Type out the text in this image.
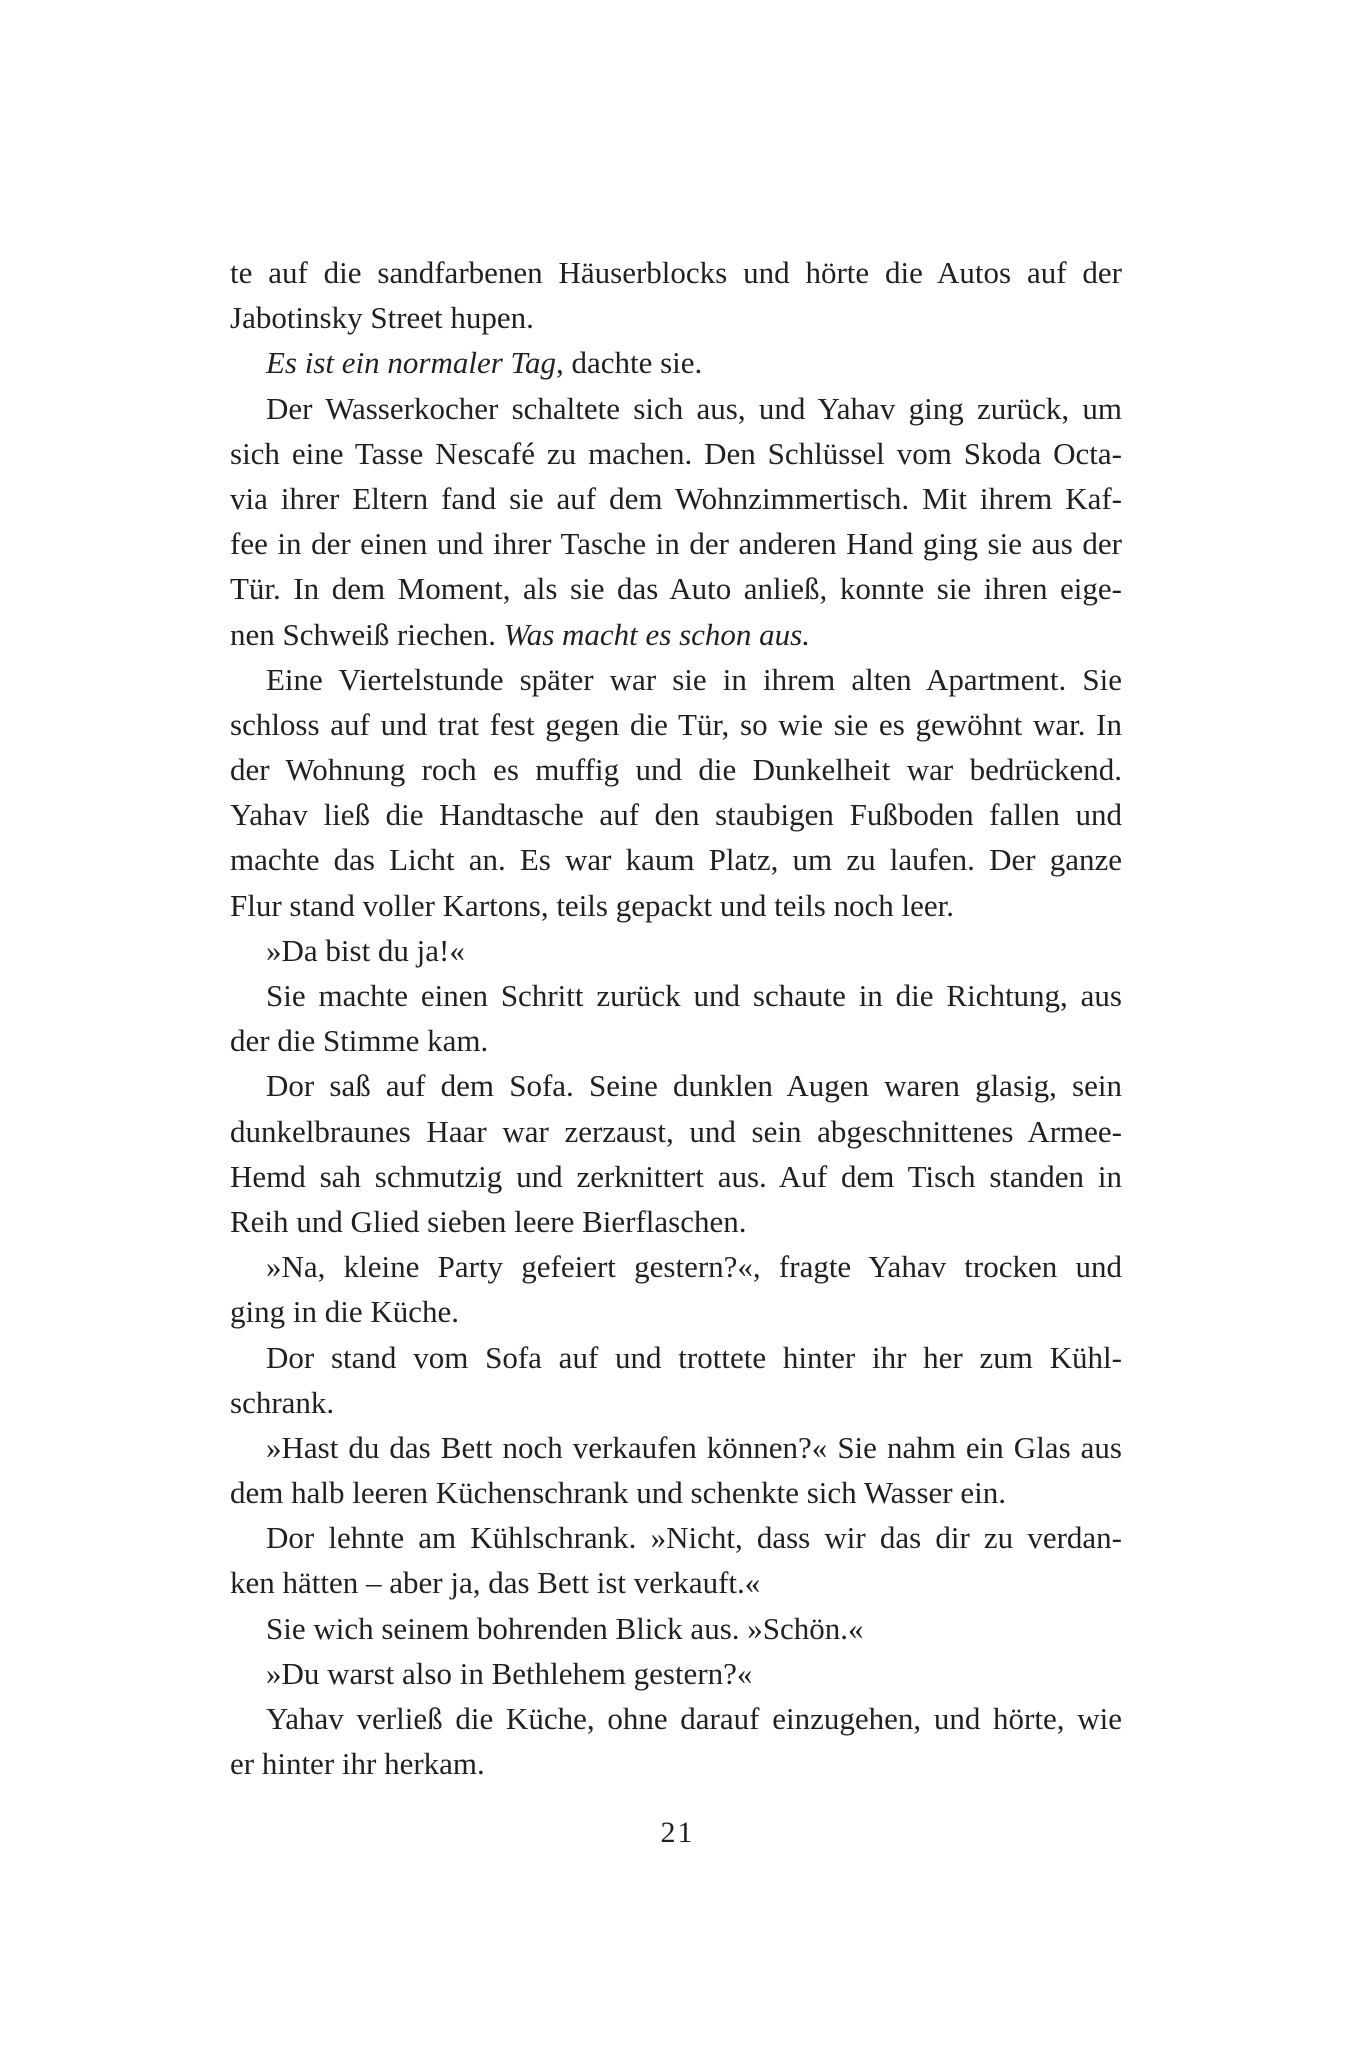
te auf die sandfarbenen Häuserblocks und hörte die Autos auf der
Jabotinsky Street hupen.
Es ist ein normaler Tag, dachte sie.
Der Wasserkocher schaltete sich aus, und Yahav ging zurück, um
sich eine Tasse Nescafé zu machen. Den Schlüssel vom Skoda Octa-
via ihrer Eltern fand sie auf dem Wohnzimmertisch. Mit ihrem Kaf-
fee in der einen und ihrer Tasche in der anderen Hand ging sie aus der
Tür. In dem Moment, als sie das Auto anließ, konnte sie ihren eige-
nen Schweiß riechen. Was macht es schon aus.
Eine Viertelstunde später war sie in ihrem alten Apartment. Sie
schloss auf und trat fest gegen die Tür, so wie sie es gewöhnt war. In
der Wohnung roch es muffig und die Dunkelheit war bedrückend.
Yahav ließ die Handtasche auf den staubigen Fußboden fallen und
machte das Licht an. Es war kaum Platz, um zu laufen. Der ganze
Flur stand voller Kartons, teils gepackt und teils noch leer.
»Da bist du ja!«
Sie machte einen Schritt zurück und schaute in die Richtung, aus
der die Stimme kam.
Dor saß auf dem Sofa. Seine dunklen Augen waren glasig, sein
dunkelbraunes Haar war zerzaust, und sein abgeschnittenes Armee-
Hemd sah schmutzig und zerknittert aus. Auf dem Tisch standen in
Reih und Glied sieben leere Bierflaschen.
»Na, kleine Party gefeiert gestern?«, fragte Yahav trocken und
ging in die Küche.
Dor stand vom Sofa auf und trottete hinter ihr her zum Kühl-
schrank.
»Hast du das Bett noch verkaufen können?« Sie nahm ein Glas aus
dem halb leeren Küchenschrank und schenkte sich Wasser ein.
Dor lehnte am Kühlschrank. »Nicht, dass wir das dir zu verdan-
ken hätten – aber ja, das Bett ist verkauft.«
Sie wich seinem bohrenden Blick aus. »Schön.«
»Du warst also in Bethlehem gestern?«
Yahav verließ die Küche, ohne darauf einzugehen, und hörte, wie
er hinter ihr herkam.
21
